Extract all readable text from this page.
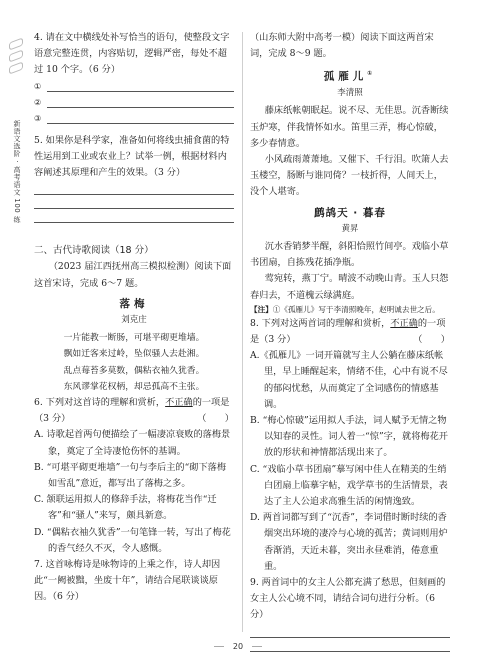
新语文选阶 · 高考语文 100 练

4. 请在文中横线处补写恰当的语句，使整段文字语意完整连贯，内容贴切，逻辑严密，每处不超过 10 个字。（6 分）

①
②
③

5. 如果你是科学家，准备如何将线虫捕食菌的特性运用到工业或农业上？试举一例，根据材料内容阐述其原理和产生的效果。（3 分）

二、古代诗歌阅读（18 分）

（2023 届江西抚州高三模拟检测）阅读下面这首宋诗，完成 6～7 题。

落梅
刘克庄
一片能教一断肠，可堪平砌更堆墙。
飘如迁客来过岭，坠似骚人去赴湘。
乱点莓苔多莫数，偶粘衣袖久犹香。
东风谬掌花权柄，却忌孤高不主张。

6. 下列对这首诗的理解和赏析，不正确的一项是（3 分）	（　　）

A. 诗歌起首两句便描绘了一幅凄凉衰败的落梅景象，奠定了全诗凄怆伤怀的基调。

B. “可堪平砌更堆墙”一句与李后主的“砌下落梅如雪乱”意近，都写出了落梅之多。

C. 颔联运用拟人的修辞手法，将梅花当作“迁客”和“骚人”来写，颇具新意。

D. “偶粘衣袖久犹香”一句笔锋一转，写出了梅花的香气经久不灭，令人感慨。

7. 这首咏梅诗是咏物诗的上乘之作，诗人却因此“一阙被黜，坐废十年”，请结合尾联谈谈原因。（6 分）

（山东师大附中高考一模）阅读下面这两首宋词，完成 8～9 题。

孤雁儿①
李清照

藤床纸帐朝眠起。说不尽、无佳思。沉香断续玉炉寒，伴我情怀如水。笛里三弄，梅心惊破，多少春情意。

小风疏雨萧萧地。又催下、千行泪。吹箫人去玉楼空，肠断与谁同倚？一枝折得，人间天上，没个人堪寄。

鹧鸪天 · 暮春
黄昇

沉水香销梦半醒，斜阳恰照竹间亭。戏临小草书团扇，自拣残花插净瓶。

莺宛转，燕丁宁。晴波不动晚山青。玉人只怨春归去，不道槐云绿满庭。

【注】①《孤雁儿》写于李清照晚年，赵明诚去世之后。

8. 下列对这两首词的理解和赏析，不正确的一项是（3 分）	（　　）

A.《孤雁儿》一词开篇就写主人公躺在藤床纸帐里，早上睡醒起来，情绪不佳，心中有说不尽的郁闷忧愁，从而奠定了全词感伤的情感基调。

B. “梅心惊破”运用拟人手法，词人赋予无情之物以知春的灵性。词人着一“惊”字，就将梅花开放的形状和神情都活现出来了。

C. “戏临小草书团扇”摹写闲中佳人在精美的生绡白团扇上临摹字帖，戏学草书的生活情景，表达了主人公追求高雅生活的闲情逸致。

D. 两首词都写到了“沉香”，李词借时断时续的香烟突出环境的凄冷与心境的孤苦；黄词则用炉香渐消，天近未暮，突出永昼难消，倦意重重。

9. 两首词中的女主人公都充满了愁思，但刻画的女主人公心境不同，请结合词句进行分析。（6 分）

20
